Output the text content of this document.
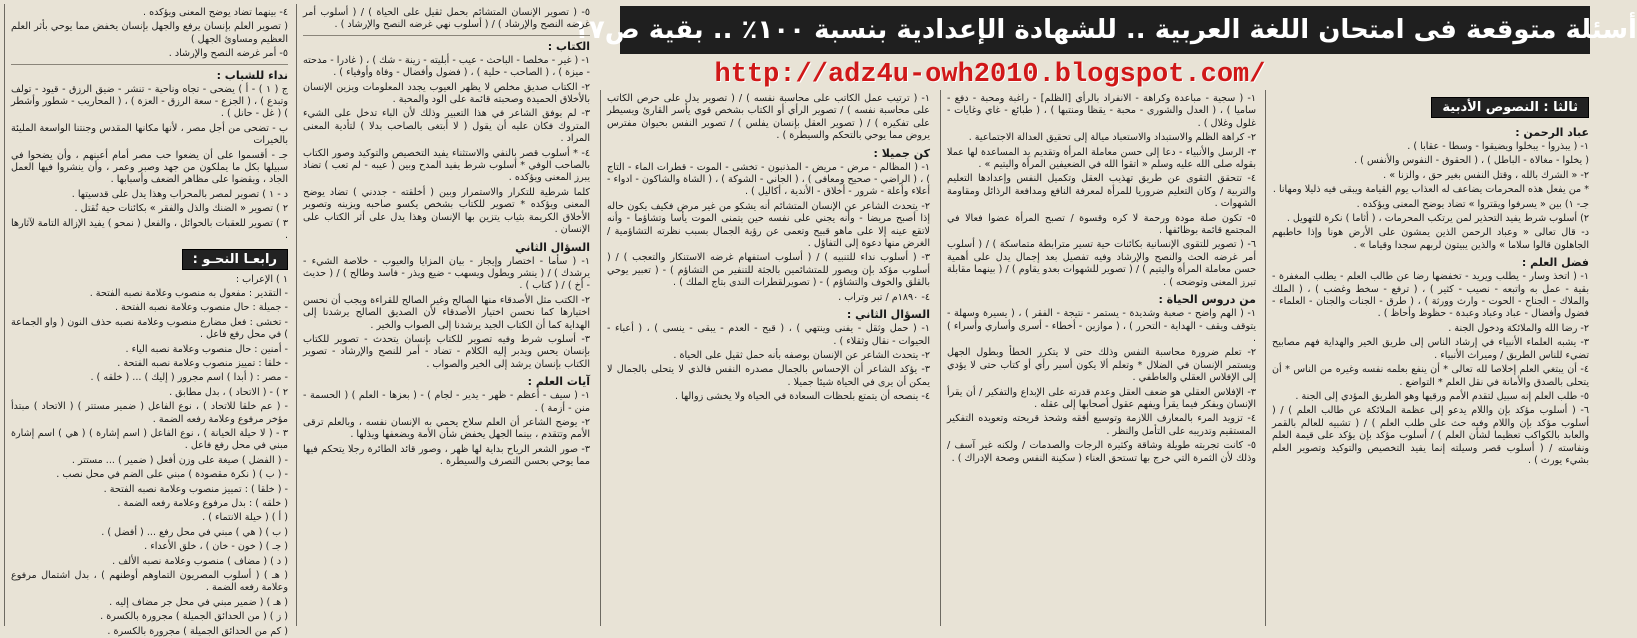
أسئلة متوقعة فى امتحان اللغة العربية .. للشهادة الإعدادية بنسبة ١٠٠٪ .. بقية ص١٧
http://adz4u-owh2010.blogspot.com/
ثالثا : النصوص الأدبية
عباد الرحمن :

١- ( يبذروا - يبخلوا ويضيقوا - وسطا - عقابا ) .

( يخلوا - مغالاة - الباطل ) ، ( الحقوق - النفوس والأنفس ) .

٢- « الشرك بالله ، وقتل النفس بغير حق ، والزنا » .

* من يفعل هذه المحرمات يضاعف له العذاب يوم القيامة ويبقى فيه ذليلا ومهانا .

جـ- ١) بين « يسرفوا ويقتروا » تضاد يوضح المعنى ويؤكده .

٢) أسلوب شرط يفيد التحذير لمن يرتكب المحرمات ، ( أثاما ) نكرة للتهويل .

د- قال تعالى « وعباد الرحمن الذين يمشون على الأرض هونا وإذا خاطبهم الجاهلون قالوا سلاما » والذين يبيتون لربهم سجدا وقياما » .

فضل العلم :

١- ( اتخذ وسار - يطلب ويريد - تخفضها رضا عن طالب العلم - يطلب المغفرة - بقية - عمل به واتبعه - نصيب - كثير ) ، ( ترفع - سخط وغضب ) ، ( الملك والملاك - الجناح - الحوت - وارث وورثة ) ، ( طرق - الجنات والجنان - العلماء - فضول وأفضال - عباد وعباد وعبدة - حظوظ وأحاظ ) .

٢- رضا الله والملائكة ودخول الجنة .

٣- يشبه العلماء الأنبياء في إرشاد الناس إلى طريق الخير والهداية فهم مصابيح تضيء للناس الطريق / وميراث الأنبياء .

٤- أن يبتغي العلم إخلاصا لله تعالى * أن ينفع بعلمه نفسه وغيره من الناس * أن يتحلى بالصدق والأمانة في نقل العلم * التواضع .

٥- طلب العلم إنه سبيل لتقدم الأمم ورقيها وهو الطريق المؤدي إلى الجنة .

٦- ( أسلوب مؤكد بإن واللام يدعو إلى عظمة الملائكة عن طالب العلم ) / ( أسلوب مؤكد بإن واللام وفيه حث على طلب العلم ) / ( تشبيه للعالم بالقمر والعابد بالكواكب تعظيما لشأن العلم ) / أسلوب مؤكد بإن يؤكد على قيمة العلم ونفاسته / ( أسلوب قصر وسيلته إنما يفيد التخصيص والتوكيد وتصوير العلم بشيء يورث ) .

١- ( سجية - مباعدة وكراهة - الانفراد بالرأي [الظلم] - راغبة ومحبة - دفع - ساميا ) ، ( العدل والشورى - محبة - يقظا ومنتبها ) ، ( طبائع - غاي وغايات - غلول وغلال ) .

٢- كراهة الظلم والاستبداد والاستعباد ميالة إلى تحقيق العدالة الاجتماعية .

٣- الرسل والأنبياء - دعا إلى حسن معاملة المرأة وتقديم يد المساعدة لها عملا بقوله صلى الله عليه وسلم « اتقوا الله في الضعيفين المرأة واليتيم » .

٤- تتحقق التقوى عن طريق تهذيب العقل وتكميل النفس وإعدادها التعليم والتربية / وكان التعليم ضروريا للمرأة لمعرفة النافع ومدافعة الرذائل ومقاومة الشهوات .

٥- تكون صلة مودة ورحمة لا كره وقسوة / تصبح المرأة عضوا فعالا في المجتمع قائمة بوظائفها .

٦- ( تصوير للتقوى الإنسانية بكائنات حية تسير مترابطة متماسكة ) / ( أسلوب أمر غرضه الحث والنصح والإرشاد وفيه تفصيل بعد إجمال يدل على أهمية حسن معاملة المرأة واليتيم ) / ( تصوير للشهوات بعدو يقاوم ) / ( بينهما مقابلة تبرز المعنى وتوضحه ) .

من دروس الحياة :

١- ( الهم واضح - صعبة وشديدة - يستمر - نتيجة - الفقر ) ، ( يسيرة وسهلة - يتوقف ويقف - الهداية - التحرر ) ، ( موازين - أخطاء - أسرى وأساري وأسراء ) .

٢- تعلم ضرورة محاسبة النفس وذلك حتى لا يتكرر الخطأ وبطول الجهل ويستمر الإنسان في الضلال * وتعلم ألا يكون أسير رأي أو كتاب حتى لا يؤدي إلى الإفلاس العقلي والعاطفي .

٣- الإفلاس العقلي هو ضعف العقل وعدم قدرته على الإبداع والتفكير / أن يقرأ الإنسان ويفكر فيما يقرأ ويفهم عقول أصحابها إلى عقله .

٤- تزويد المرء بالمعارف اللازمة وتوسيع أفقه وشحذ قريحته وتعويده التفكير المستقيم وتدريبه على التأمل والنظر .

٥- كانت تجربته طويلة وشاقة وكثيرة الرجات والصدمات / ولكنه غير آسف / وذلك لأن الثمرة التي خرج بها تستحق العناء ( سكينة النفس وصحة الإدراك ) .

١- ( ترتيب عمل الكاتب على محاسبة نفسه ) / ( تصوير يدل على حرص الكاتب على محاسبة نفسه ) / تصوير الرأي أو الكتاب بشخص قوي يأسر القارئ ويسيطر على تفكيره ) / ( تصوير العقل بإنسان يفلس ) / تصوير النفس بحيوان مفترس يروض مما يوحي بالتحكم والسيطرة ) .

كن جميلا :

١- ( المظالم - مرض - مريض - المذنبون - تخشى - الموت - قطرات الماء - التاج ) ، ( الراضي - صحيح ومعافى ) ، ( الجاني - الشوكة ) ، ( الشاة والشاكون - ادواء - أعلاء وأعلة - شرور - أخلاق - الأندية ، أكاليل ) .

٢- يتحدث الشاعر عن الإنسان المتشائم أنه يشكو من غير مرض فكيف يكون حاله إذا أصبح مريضا - وأنه يجني على نفسه حين يتمنى الموت يأسا وتشاؤما - وأنه لاتقع عينه إلا على ماهو قبيح وتعمى عن رؤية الجمال بسبب نظرته التشاؤمية / الغرض منها دعوة إلى التفاؤل .

٣- ( أسلوب نداء للتنبيه ) / ( أسلوب استفهام غرضه الاستنكار والتعجب ) / ( أسلوب مؤكد بإن ويصور للمتشائمين بالجثة للتنفير من التشاؤم ) - ( تعبير يوحي بالقلق والخوف والتشاؤم ) - ( تصويرلقطرات الندى بتاج الملك ) .

٤- ١٨٩٠م / تبر وتراب .

السؤال الثاني :

١- ( حمل وثقل - يفنى وينتهي ) ، ( قبح - العدم - يبقى - ينسى ) ، ( أعباء - الحيوات - نقال وثقلاء ) .

٢- يتحدث الشاعر عن الإنسان بوصفه بأنه حمل ثقيل على الحياة .

٣- يؤكد الشاعر أن الإحساس بالجمال مصدره النفس فالذي لا يتحلى بالجمال لا يمكن أن يرى في الحياة شيئا جميلا .

٤- ينصحه أن يتمتع بلحظات السعادة في الحياة ولا يخشى زوالها .

٥- ( تصوير الإنسان المتشائم بحمل ثقيل على الحياة ) / ( أسلوب أمر غرضه النصح والإرشاد ) / ( أسلوب نهي غرضه النصح والإرشاد ) .

الكتاب :

١- ( غير - مخلصا - الباحث - عيب - أبليته - زينة - شك ) ، ( غادرا - مدحته - ميزة ) ، ( الصاحب - حلية ) ، ( فضول وأفضال - وفاة وأوفياء ) .

٢- الكتاب صديق مخلص لا يظهر العيوب يجدد المعلومات ويزين الإنسان بالأخلاق الحميدة وصحبته قائمة على الود والمحبة .

٣- لم يوفق الشاعر في هذا التعبير وذلك لأن الباء تدخل على الشيء المتروك فكان عليه أن يقول ( لا أبتغى بالصاحب بدلا ) لتأدية المعنى المراد .

٤- * أسلوب قصر بالنفي والاستثناء يفيد التخصيص والتوكيد وصور الكتاب بالصاحب الوفي * أسلوب شرط يفيد المدح وبين ( عيبه - لم تعب ) تضاد يبرز المعنى ويؤكده .

كلما شرطية للتكرار والاستمرار وبين ( أخلقته - جددني ) تضاد يوضح المعنى ويؤكده * تصوير للكتاب بشخص يكسو صاحبه ويزينه وتصوير الأخلاق الكريمة بثياب يتزين بها الإنسان وهذا يدل على أثر الكتاب على الإنسان .

السؤال الثاني

١- ( سأما - اختصار وإيجاز - بيان المزايا والعيوب - خلاصة الشيء - يرشدك ) / ( ينشر ويطول ويسهب - ضيع ويذر - فاسد وطالح ) / ( حديث - أخ ) / ( كتاب ) .

٢- الكتب مثل الأصدقاء منها الصالح وغير الصالح للقراءة ويجب أن نحسن اختيارها كما نحسن اختيار الأصدقاء لأن الصديق الصالح يرشدنا إلى الهداية كما أن الكتاب الجيد يرشدنا إلى الصواب والخير .

٣- أسلوب شرط وفيه تصوير للكتاب بإنسان يتحدث - تصوير للكتاب بإنسان يحس ويدبر إليه الكلام - تضاد - أمر للنصح والإرشاد - تصوير الكتاب بإنسان يرشد إلى الخير والصواب .

آيات العلم :

١- ( سيف - أعظم - ظهر - يدير - لجام ) - ( بعزها - العلم ) ( الحسمة - منن - أزمة ) .

٢- يوضح الشاعر أن العلم سلاح يحمي به الإنسان نفسه ، وبالعلم ترقى الأمم وتتقدم ، بينما الجهل يخفض شأن الأمة ويضعفها ويذلها .

٣- صور الشعر الرياح بداية لها ظهر ، وصور قائد الطائرة رجلا يتحكم فيها مما يوحي بحسن التصرف والسيطرة .

٤- بينهما تضاد يوضح المعنى ويؤكده .

( تصوير العلم بإنسان يرفع والجهل بإنسان يخفض مما يوحي بأثر العلم العظيم ومساوئ الجهل )

٥- أمر غرضه النصح والإرشاد .

نداء للشباب :

ج ( ١ ) - أ ) يضحى - تجاه وناحية - تنشر - ضيق الرزق - قيود - تولف وتبدع ) ، ( الجزع - سعة الرزق - العزة ) ، ( المحاريب - شطور وأشطر ) ( غل - حانل ) .

ب - تضحى من أجل مصر ، لأنها مكانها المقدس وجنتنا الواسعة المليئة بالخيرات

جـ - أقسموا على أن يضعوا حب مصر أمام أعينهم ، وأن يضحوا في سبيلها بكل ما يملكون من جهد وصبر وعمر ، وأن ينشروا فيها العمل الجاد ، ويقضوا على مظاهر الضعف وأسبابها .

د - ١ ) تصوير لمصر بالمحراب وهذا يدل على قدسيتها .

٢ ) تصوير « الضنك والذل والفقر » بكائنات حية تُقتل .

٣ ) تصوير للعقبات بالحوائل ، والفعل ( نمحو ) يفيد الإزالة التامة لآثارها .

رابعـا النحـو :

١ ) الإعراب :

- التقدير : مفعول به منصوب وعلامة نصبه الفتحة .

- جميلة : حال منصوب وعلامة نصبه الفتحة .

- تخشى : فعل مضارع منصوب وعلامة نصبه حذف النون ( واو الجماعة ) في محل رفع فاعل .

- أمنين : حال منصوب وعلامة نصبه الياء .

- خلقا : تمييز منصوب وعلامة نصبه الفتحة .

- مصر : ( أبدا ) اسم مجرور ( إليك ) ... ( خلقه ) .

٢ ) - ( الاتحاد ) ، بدل مطابق .

- ( عم خلقا للاتحاد ) ، نوع الفاعل ( ضمير مستتر ) ( الاتحاد ) مبتدأ مؤخر مرفوع وعلامة رفعه الضمة .

٣ - ( لا حيلة الخيانة ) ، نوع الفاعل ( اسم إشارة ) ( هي ) اسم إشارة مبني في محل رفع فاعل .

- ( الفضل ) صيغة على وزن أفعل ( ضمير ) ... مستتر .

- ( ب ) ( نكرة مقصودة ) مبني على الضم في محل نصب .

- ( خلقا ) : تمييز منصوب وعلامة نصبه الفتحة .

( خلقه ) : بدل مرفوع وعلامة رفعه الضمة .

( أ ) ( حيلة الانتماء ) .

( ب ) ( هي ) مبني في محل رفع ... ( أفضل ) .

( جـ ) ( خون - خان ) ، خلق الأعداء .

( د ) ( مضاف ) منصوب وعلامة نصبه الألف .

( هـ ) ( أسلوب المصريون التماوهم أوطنهم ) ، بدل اشتمال مرفوع وعلامة رفعه الضمة .

( هـ ) ( ضمير مبني في محل جر مضاف إليه .

( ز ) ( من الحدائق الجميلة ) مجرورة بالكسرة .

( كم من الحدائق الجميلة ) مجرورة بالكسرة .
